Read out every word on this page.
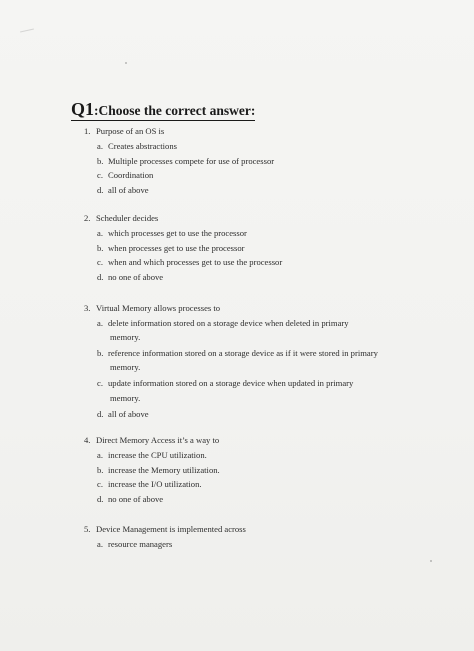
Q1:Choose the correct answer:
1. Purpose of an OS is
a. Creates abstractions
b. Multiple processes compete for use of processor
c. Coordination
d. all of above
2. Scheduler decides
a. which processes get to use the processor
b. when processes get to use the processor
c. when and which processes get to use the processor
d. no one of above
3. Virtual Memory allows processes to
a. delete information stored on a storage device when deleted in primary
memory.
b. reference information stored on a storage device as if it were stored in primary
memory.
c. update information stored on a storage device when updated in primary
memory.
d. all of above
4. Direct Memory Access it’s a way to
a. increase the CPU utilization.
b. increase the Memory utilization.
c. increase the I/O utilization.
d. no one of above
5. Device Management is implemented across
a. resource managers
